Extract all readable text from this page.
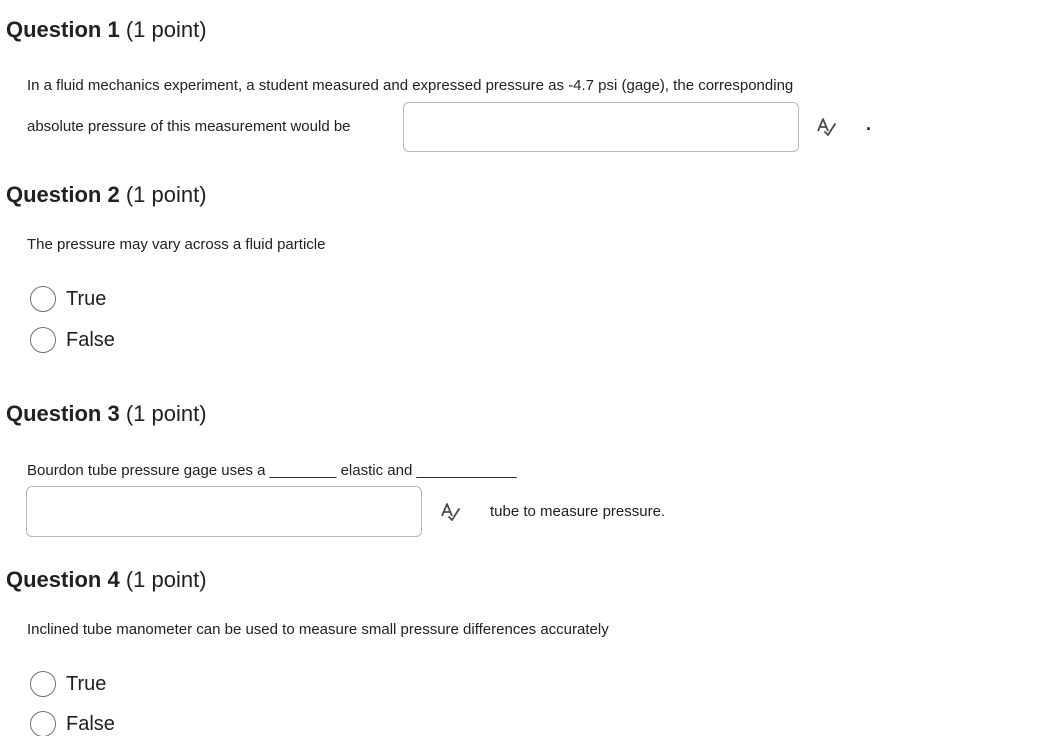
Question 1 (1 point)
In a fluid mechanics experiment, a student measured and expressed pressure as -4.7 psi (gage), the corresponding
absolute pressure of this measurement would be	.
Question 2 (1 point)
The pressure may vary across a fluid particle
True
False
Question 3 (1 point)
Bourdon tube pressure gage uses a ________ elastic and ____________
tube to measure pressure.
Question 4 (1 point)
Inclined tube manometer can be used to measure small pressure differences accurately
True
False
